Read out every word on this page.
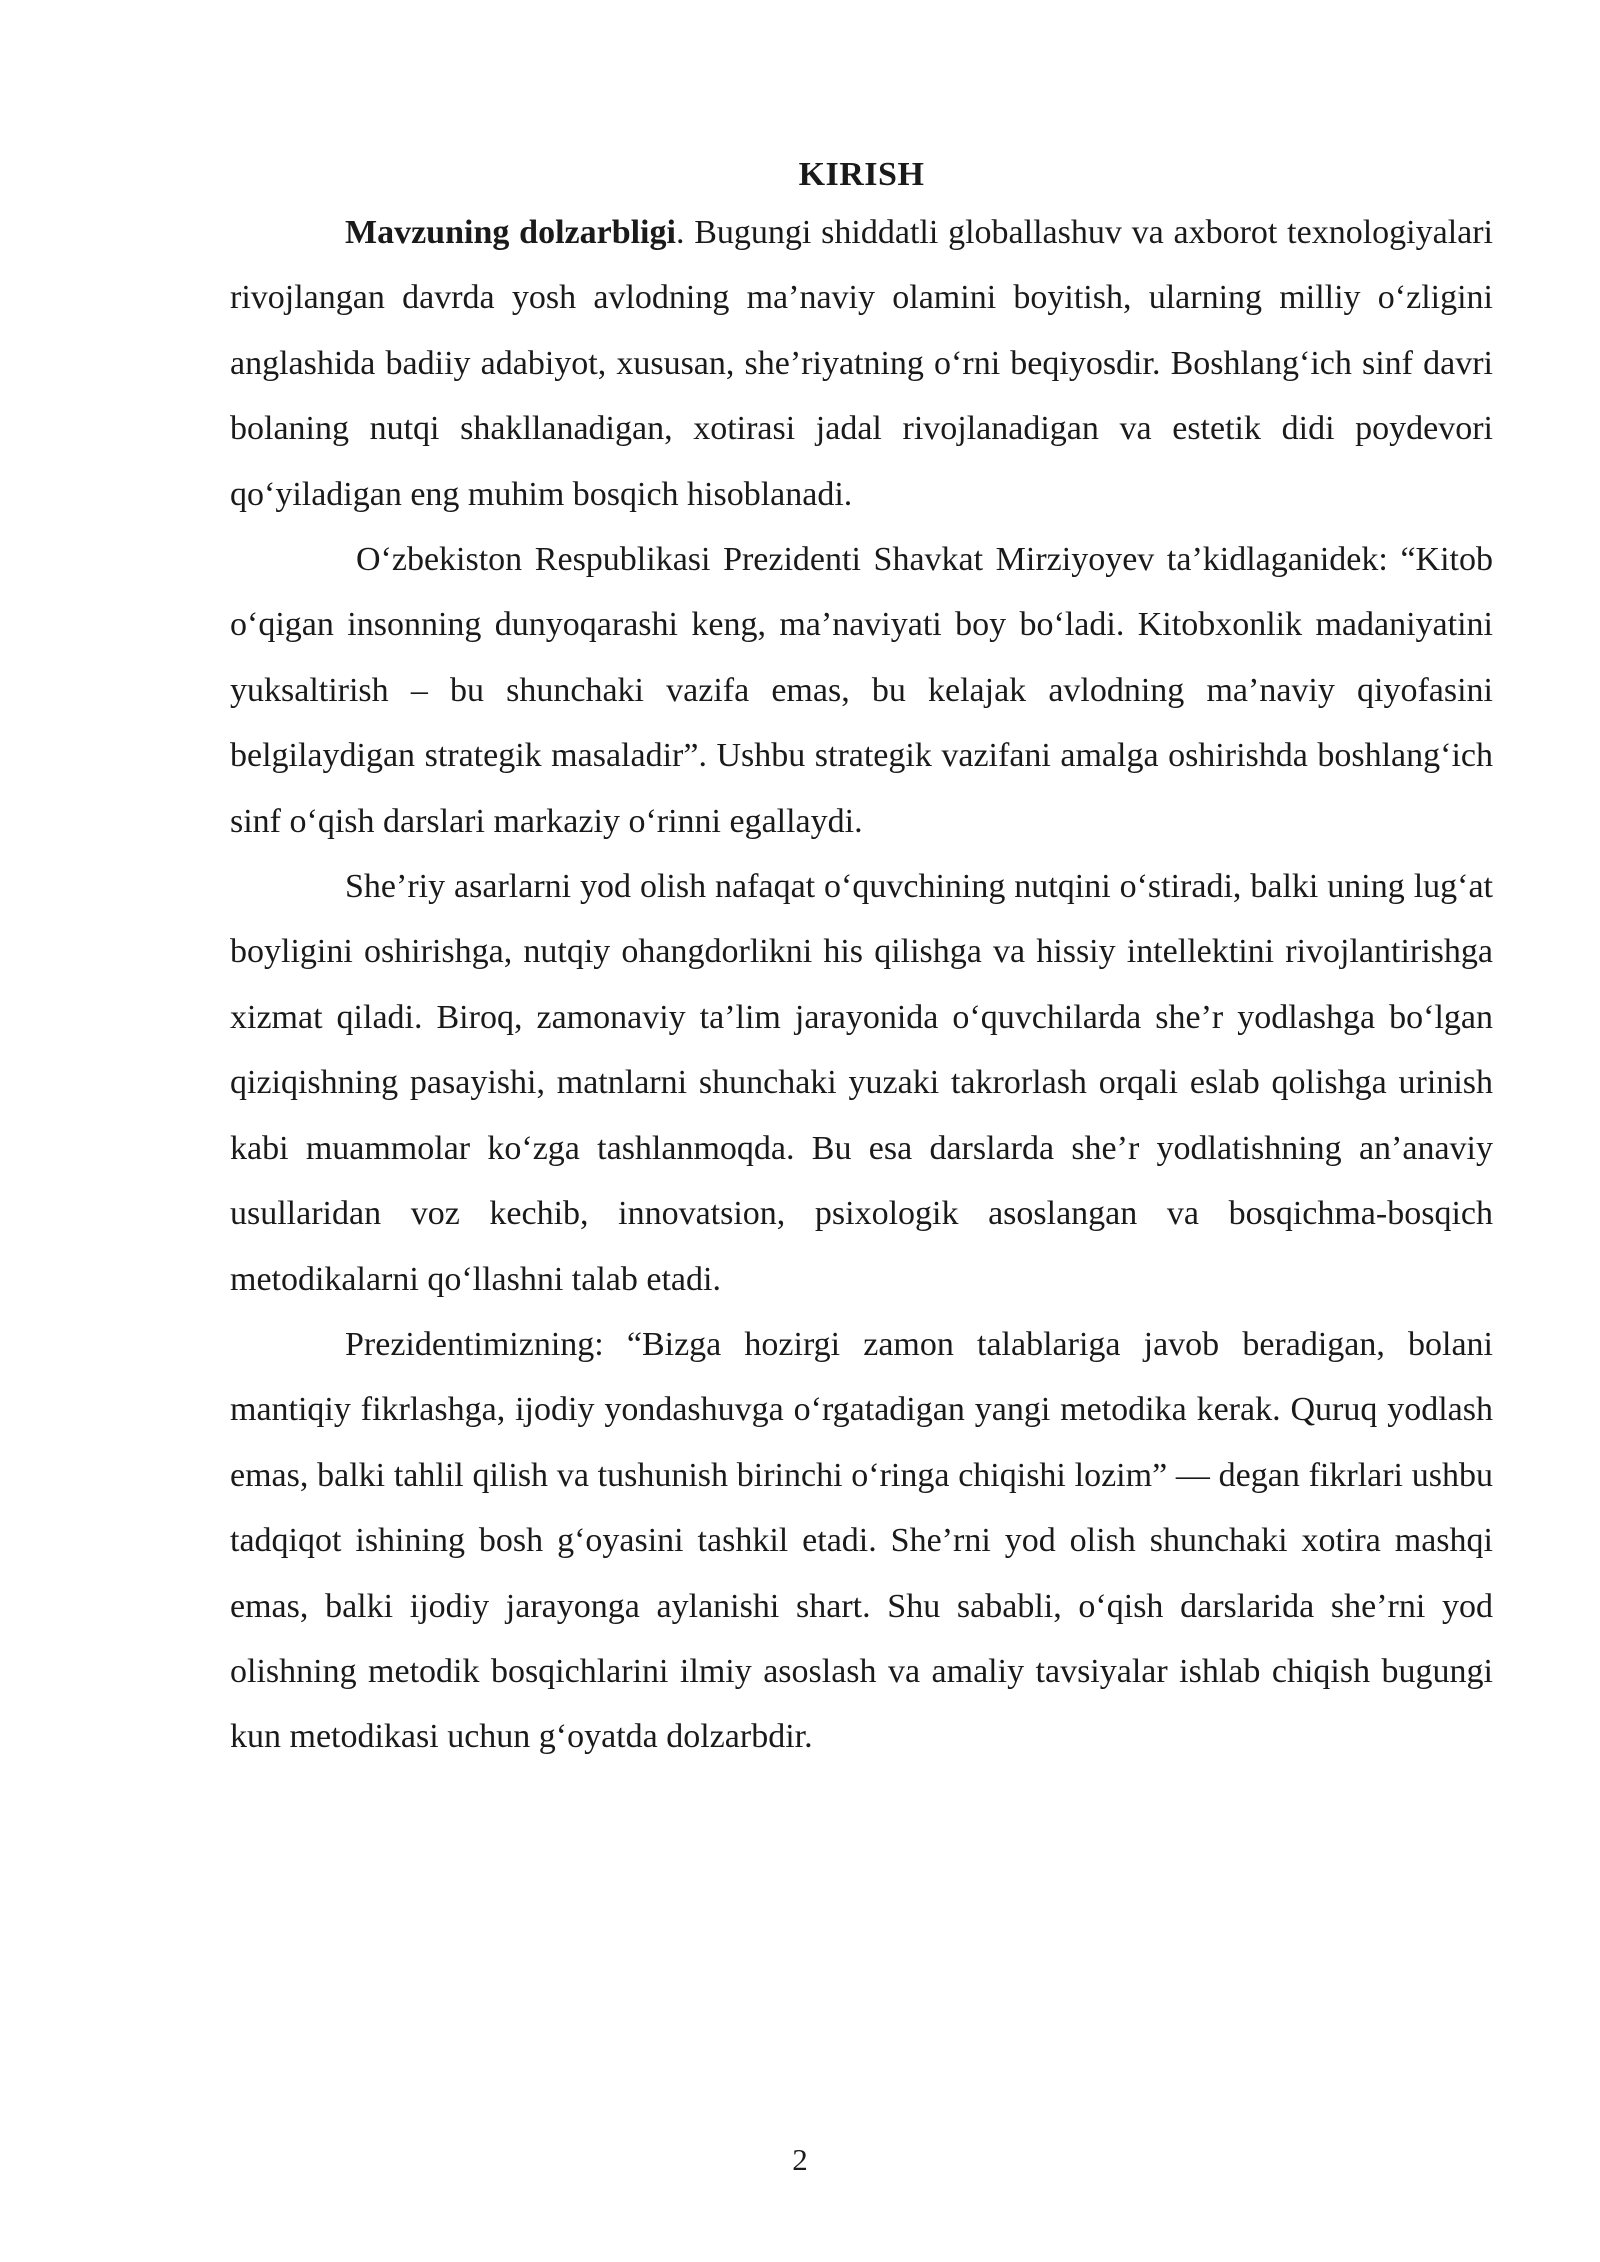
KIRISH

Mavzuning dolzarbligi. Bugungi shiddatli globallashuv va axborot texnologiyalari rivojlangan davrda yosh avlodning ma’naviy olamini boyitish, ularning milliy o‘zligini anglashida badiiy adabiyot, xususan, she’riyatning o‘rni beqiyosdir. Boshlang‘ich sinf davri bolaning nutqi shakllanadigan, xotirasi jadal rivojlanadigan va estetik didi poydevori qo‘yiladigan eng muhim bosqich hisoblanadi.

O‘zbekiston Respublikasi Prezidenti Shavkat Mirziyoyev ta’kidlaganidek: “Kitob o‘qigan insonning dunyoqarashi keng, ma’naviyati boy bo‘ladi. Kitobxonlik madaniyatini yuksaltirish – bu shunchaki vazifa emas, bu kelajak avlodning ma’naviy qiyofasini belgilaydigan strategik masaladir”. Ushbu strategik vazifani amalga oshirishda boshlang‘ich sinf o‘qish darslari markaziy o‘rinni egallaydi.

She’riy asarlarni yod olish nafaqat o‘quvchining nutqini o‘stiradi, balki uning lug‘at boyligini oshirishga, nutqiy ohangdorlikni his qilishga va hissiy intellektini rivojlantirishga xizmat qiladi. Biroq, zamonaviy ta’lim jarayonida o‘quvchilarda she’r yodlashga bo‘lgan qiziqishning pasayishi, matnlarni shunchaki yuzaki takrorlash orqali eslab qolishga urinish kabi muammolar ko‘zga tashlanmoqda. Bu esa darslarda she’r yodlatishning an’anaviy usullaridan voz kechib, innovatsion, psixologik asoslangan va bosqichma-bosqich metodikalarni qo‘llashni talab etadi.

Prezidentimizning: “Bizga hozirgi zamon talablariga javob beradigan, bolani mantiqiy fikrlashga, ijodiy yondashuvga o‘rgatadigan yangi metodika kerak. Quruq yodlash emas, balki tahlil qilish va tushunish birinchi o‘ringa chiqishi lozim” — degan fikrlari ushbu tadqiqot ishining bosh g‘oyasini tashkil etadi. She’rni yod olish shunchaki xotira mashqi emas, balki ijodiy jarayonga aylanishi shart. Shu sababli, o‘qish darslarida she’rni yod olishning metodik bosqichlarini ilmiy asoslash va amaliy tavsiyalar ishlab chiqish bugungi kun metodikasi uchun g‘oyatda dolzarbdir.

2
